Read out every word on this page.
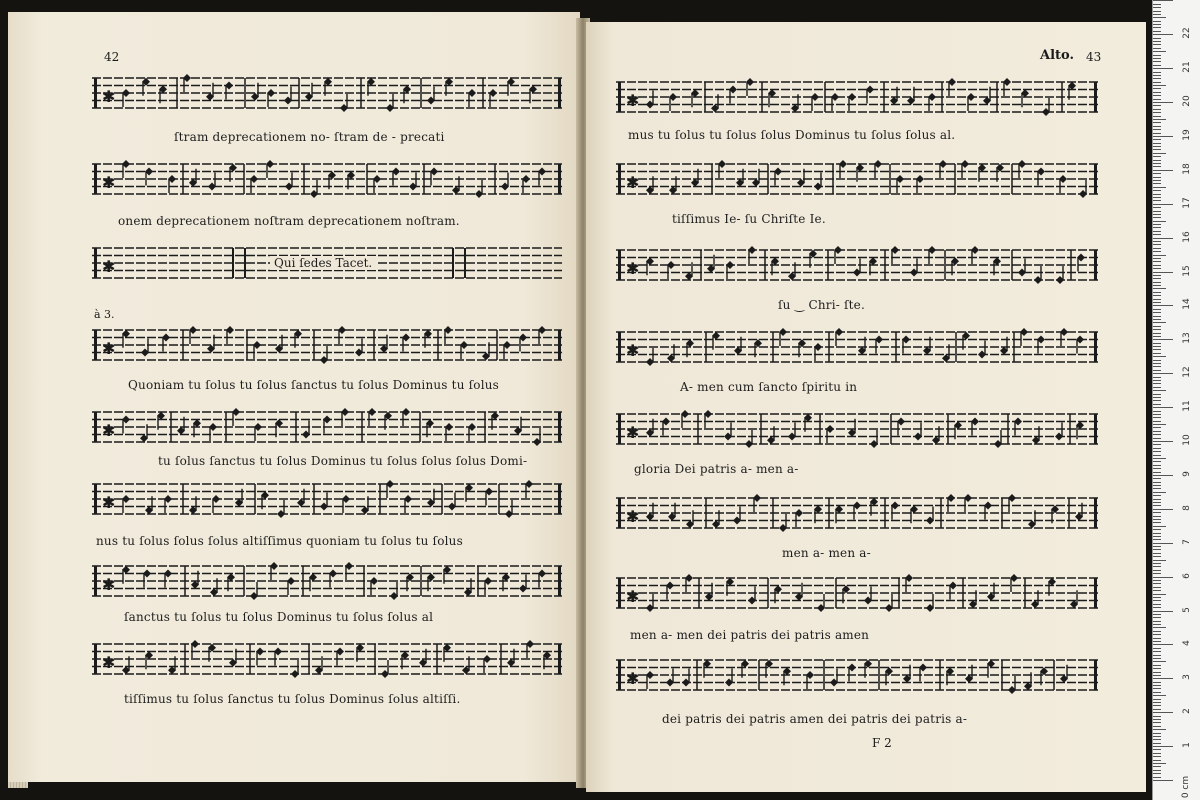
42
✱
ſtram deprecationem no- ſtram de - precati
✱
onem deprecationem noſtram deprecationem noſtram.
✱	Qui ſedes Tacet.
à 3.
✱
Quoniam tu ſolus tu ſolus ſanctus tu ſolus Dominus tu ſolus
✱
tu ſolus ſanctus tu ſolus Dominus tu ſolus ſolus ſolus Domi-
✱
nus tu ſolus ſolus ſolus altiſſimus quoniam tu ſolus tu ſolus
✱
ſanctus tu ſolus tu ſolus Dominus tu ſolus ſolus al
✱
tiſſimus tu ſolus ſanctus tu ſolus Dominus ſolus altiſſi.
Alto. 43
✱
mus tu ſolus tu ſolus ſolus Dominus tu ſolus ſolus al.
✱
tiſſimus Ie- ſu Chriſte Ie.
✱
ſu ‿ Chri- ſte.
✱
A- men cum ſancto ſpiritu in
✱
gloria Dei patris a- men a-
✱
men a- men a-
✱
men a- men dei patris dei patris amen
✱
dei patris dei patris amen dei patris dei patris a-
F 2
0 cm
1
2
3
4
5
6
7
8
9
10
11
12
13
14
15
16
17
18
19
20
21
22
